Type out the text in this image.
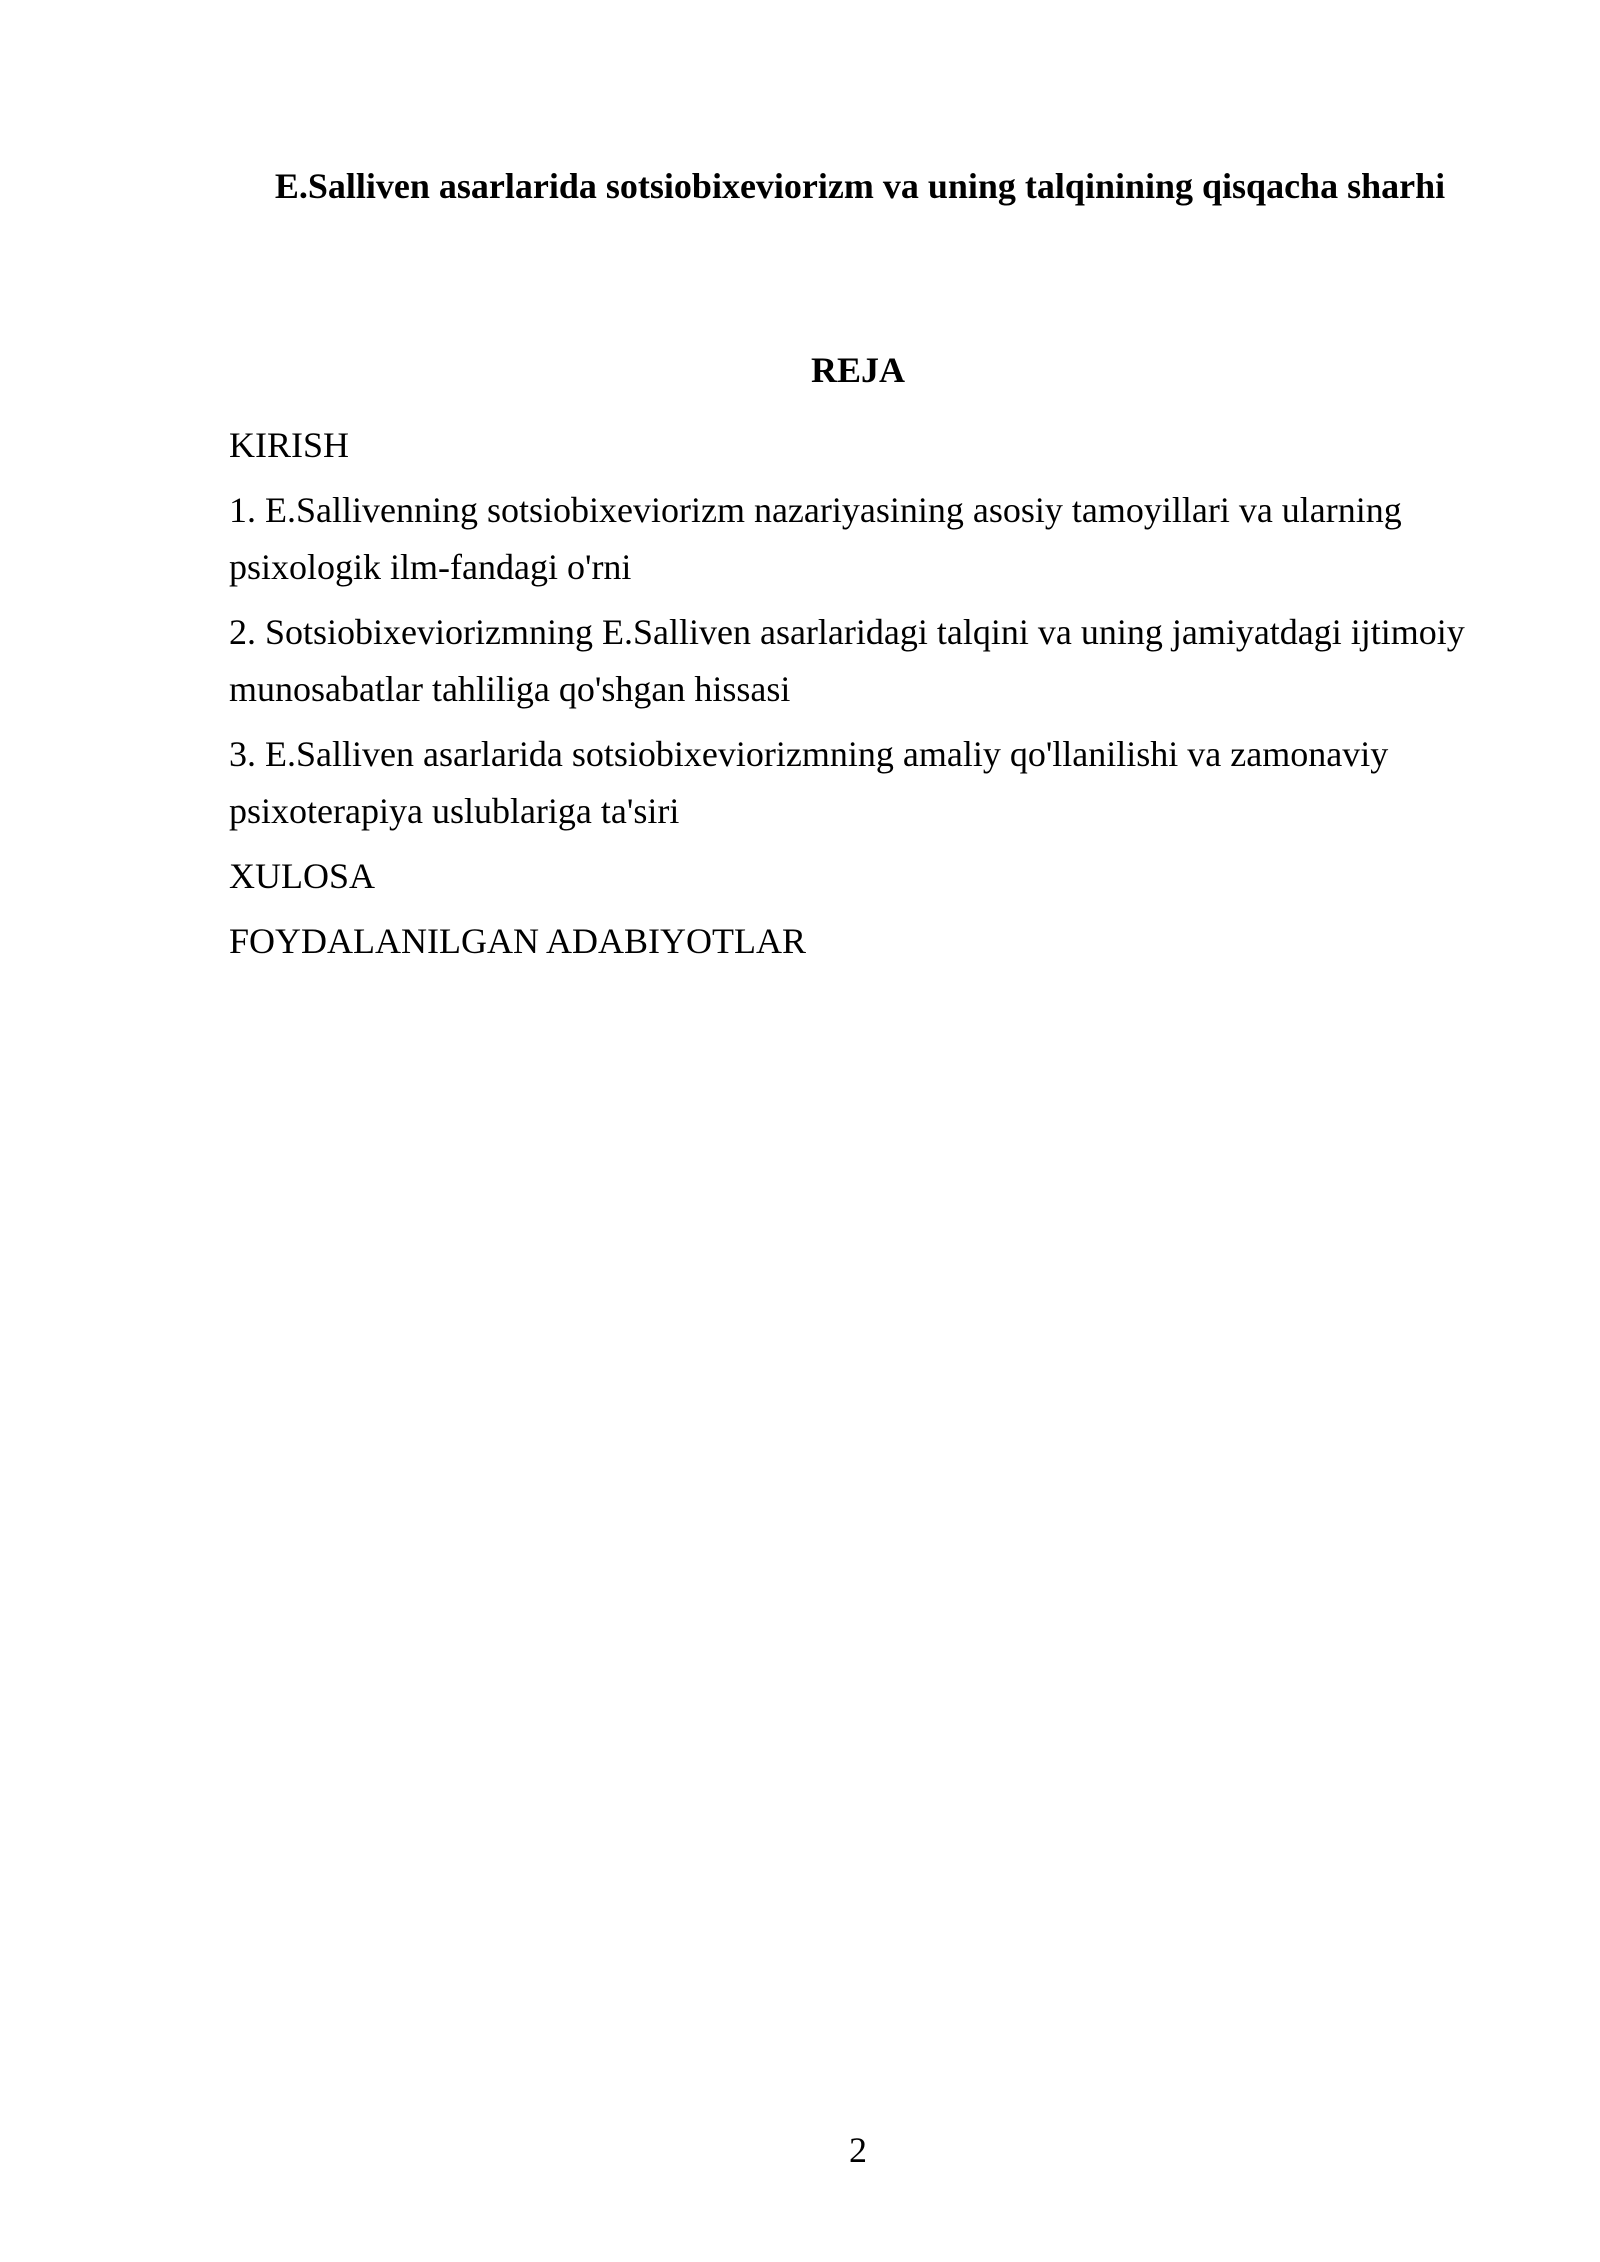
E.Salliven asarlarida sotsiobixeviorizm va uning talqinining qisqacha sharhi
REJA
KIRISH
1. E.Sallivenning sotsiobixeviorizm nazariyasining asosiy tamoyillari va ularning psixologik ilm-fandagi o'rni
2. Sotsiobixeviorizmning E.Salliven asarlaridagi talqini va uning jamiyatdagi ijtimoiy munosabatlar tahliliga qo'shgan hissasi
3. E.Salliven asarlarida sotsiobixeviorizmning amaliy qo'llanilishi va zamonaviy psixoterapiya uslublariga ta'siri
XULOSA
FOYDALANILGAN ADABIYOTLAR
2
